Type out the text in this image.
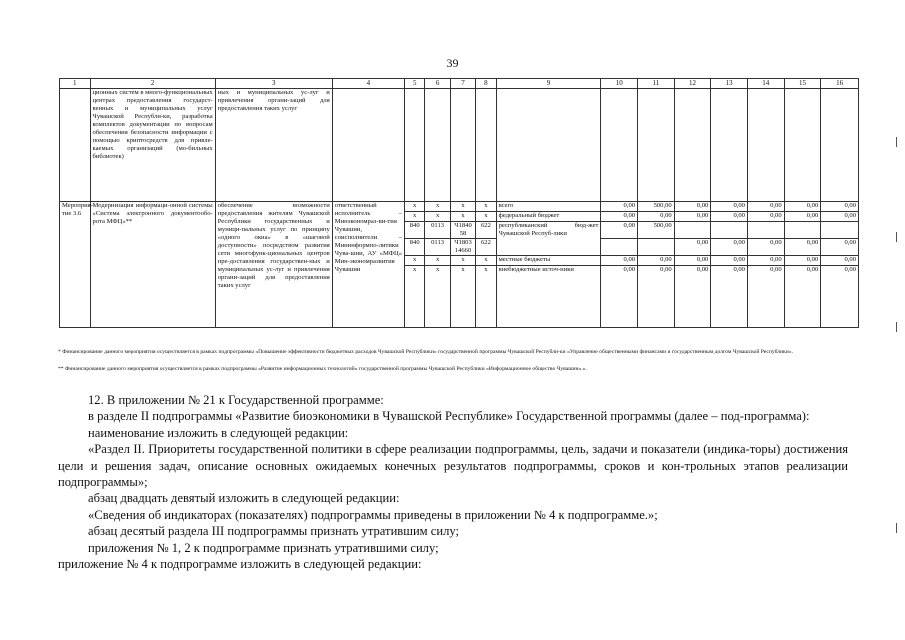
39
1	2	3	4	5	6	7	8	9	10	11	12	13	14	15	16
	ционных систем в много-функциональных центрах предоставления государст-венных и муниципальных услуг Чувашской Республи-ки, разработка комплектов документации по вопросам обеспечения безопасности информации с помощью криптосредств для привле-каемых организаций (мо-бильных библиотек)	ных и муниципальных ус-луг и привлечения органи-заций для предоставления таких услуг													
Мероприя-тие 3.6	Модернизация информаци-онной системы «Система электронного документообо-рота МФЦ»**	обеспечение возможности предоставления жителям Чувашской Республики государственных и муници-пальных услуг по принципу «одного окна» в «шаговой доступности» посредством развития сети многофунк-циональных центров пре-доставления государствен-ных и муниципальных ус-луг и привлечения органи-заций для предоставления таких услуг	ответственный исполнитель – Минэкономраз-ви-тия Чувашии, соисполнители – Мининформпо-литики Чува-шии, АУ «МФЦ» Мин-экономразвития Чувашии	х	х	х	х	всего	0,00	500,00	0,00	0,00	0,00	0,00	0,00
				х	х	х	х	федеральный бюджет	0,00	0,00	0,00	0,00	0,00	0,00	0,00
				840	0113	Ч1840 58	622	республиканский бюд-жет Чувашской Респуб-лики	0,00	500,00					
				840	0113	Ч1803 14660	622				0,00	0,00	0,00	0,00	0,00
				х	х	х	х	местные бюджеты	0,00	0,00	0,00	0,00	0,00	0,00	0,00
				х	х	х	х	внебюджетные источ-ники	0,00	0,00	0,00	0,00	0,00	0,00	0,00
* Финансирование данного мероприятия осуществляется в рамках подпрограммы «Повышение эффективности бюджетных расходов Чувашской Республики» государственной программы Чувашской Республи-ки «Управление общественными финансами и государственным долгом Чувашской Республики».
** Финансирование данного мероприятия осуществляется в рамках подпрограммы «Развитие информационных технологий» государственной программы Чувашской Республики «Информационное общество Чувашии».».

12. В приложении № 21 к Государственной программе:

в разделе II подпрограммы «Развитие биоэкономики в Чувашской Республике» Государственной программы (далее – под-программа):

наименование изложить в следующей редакции:

«Раздел II. Приоритеты государственной политики в сфере реализации подпрограммы, цель, задачи и показатели (индика-торы) достижения цели и решения задач, описание основных ожидаемых конечных результатов подпрограммы, сроков и кон-трольных этапов реализации подпрограммы»;

абзац двадцать девятый изложить в следующей редакции:

«Сведения об индикаторах (показателях) подпрограммы приведены в приложении № 4 к подпрограмме.»;

абзац десятый раздела III подпрограммы признать утратившим силу;

приложения № 1, 2 к подпрограмме признать утратившими силу;

приложение № 4 к подпрограмме изложить в следующей редакции:
